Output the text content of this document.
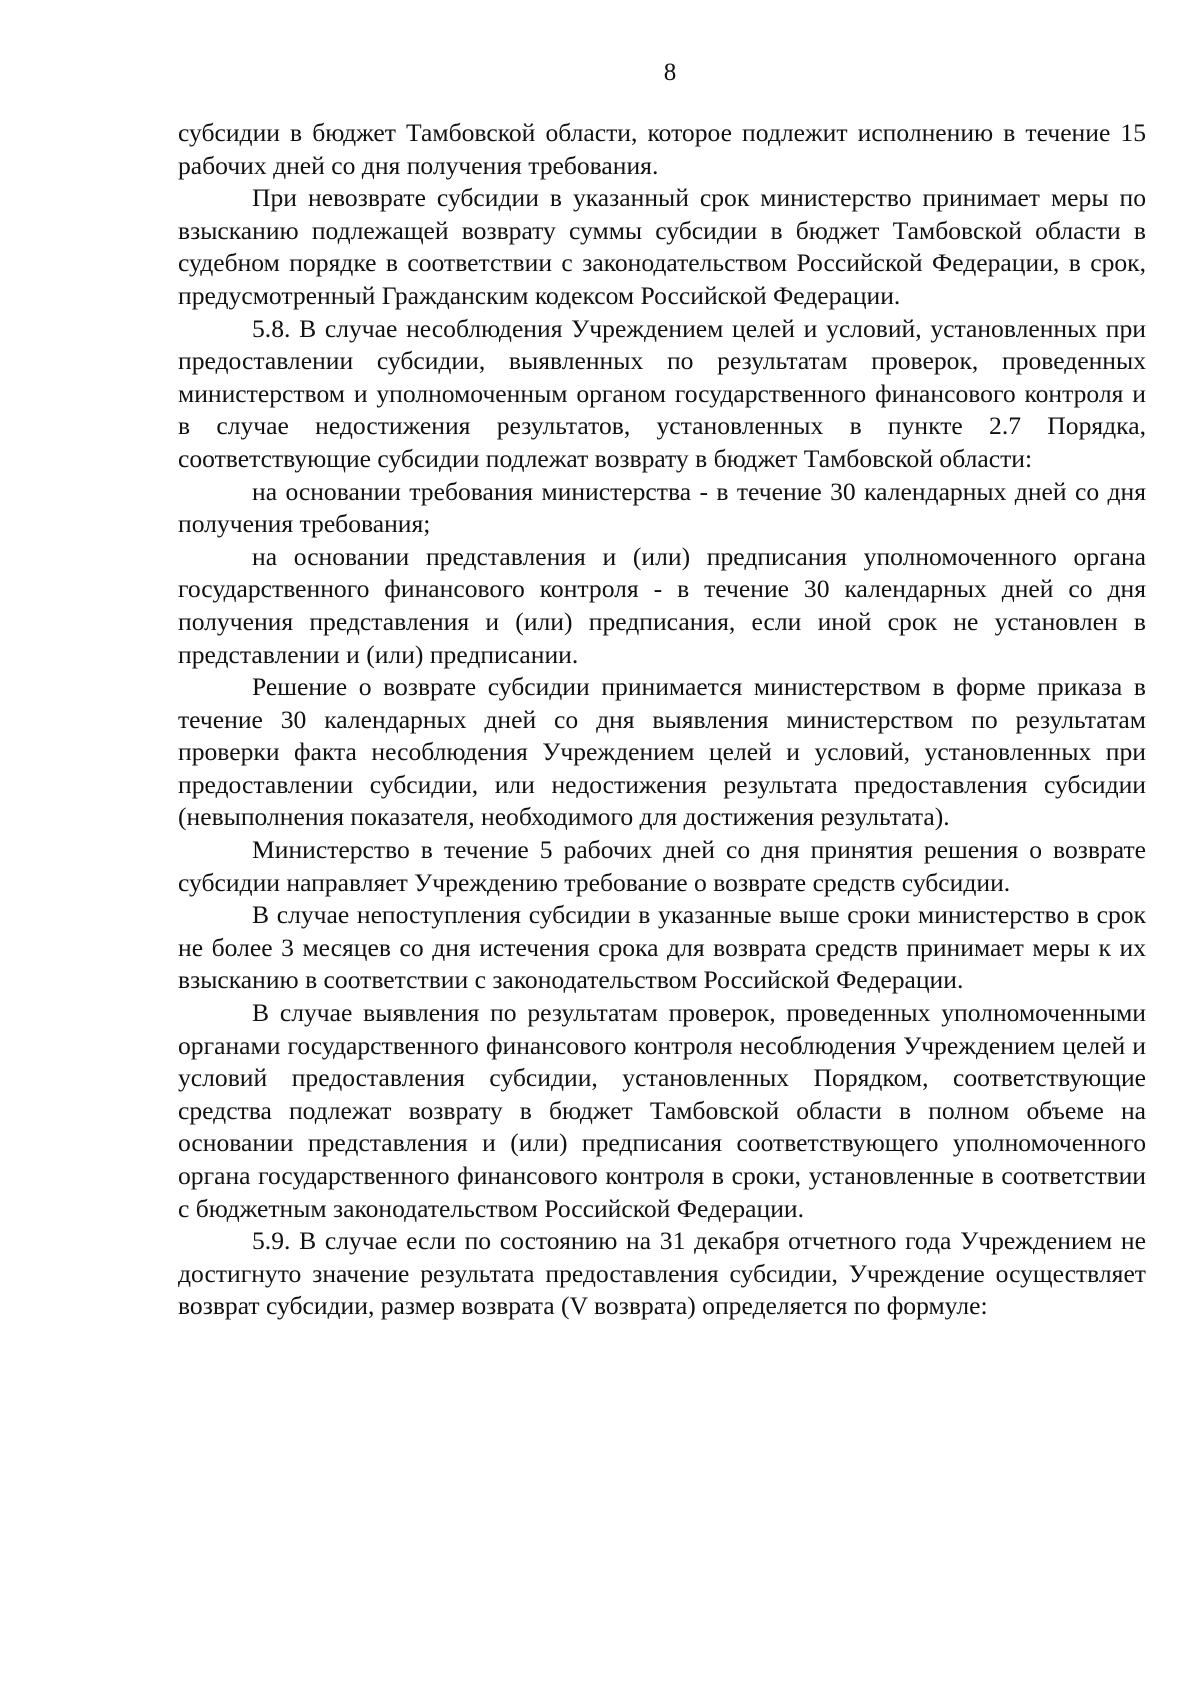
8

субсидии в бюджет Тамбовской области, которое подлежит исполнению в течение 15 рабочих дней со дня получения требования.

При невозврате субсидии в указанный срок министерство принимает меры по взысканию подлежащей возврату суммы субсидии в бюджет Тамбовской области в судебном порядке в соответствии с законодательством Российской Федерации, в срок, предусмотренный Гражданским кодексом Российской Федерации.

5.8. В случае несоблюдения Учреждением целей и условий, установленных при предоставлении субсидии, выявленных по результатам проверок, проведенных министерством и уполномоченным органом государственного финансового контроля и в случае недостижения результатов, установленных в пункте 2.7 Порядка, соответствующие субсидии подлежат возврату в бюджет Тамбовской области:

на основании требования министерства - в течение 30 календарных дней со дня получения требования;

на основании представления и (или) предписания уполномоченного органа государственного финансового контроля - в течение 30 календарных дней со дня получения представления и (или) предписания, если иной срок не установлен в представлении и (или) предписании.

Решение о возврате субсидии принимается министерством в форме приказа в течение 30 календарных дней со дня выявления министерством по результатам проверки факта несоблюдения Учреждением целей и условий, установленных при предоставлении субсидии, или недостижения результата предоставления субсидии (невыполнения показателя, необходимого для достижения результата).

Министерство в течение 5 рабочих дней со дня принятия решения о возврате субсидии направляет Учреждению требование о возврате средств субсидии.

В случае непоступления субсидии в указанные выше сроки министерство в срок не более 3 месяцев со дня истечения срока для возврата средств принимает меры к их взысканию в соответствии с законодательством Российской Федерации.

В случае выявления по результатам проверок, проведенных уполномоченными органами государственного финансового контроля несоблюдения Учреждением целей и условий предоставления субсидии, установленных Порядком, соответствующие средства подлежат возврату в бюджет Тамбовской области в полном объеме на основании представления и (или) предписания соответствующего уполномоченного органа государственного финансового контроля в сроки, установленные в соответствии с бюджетным законодательством Российской Федерации.

5.9. В случае если по состоянию на 31 декабря отчетного года Учреждением не достигнуто значение результата предоставления субсидии, Учреждение осуществляет возврат субсидии, размер возврата (V возврата) определяется по формуле:
